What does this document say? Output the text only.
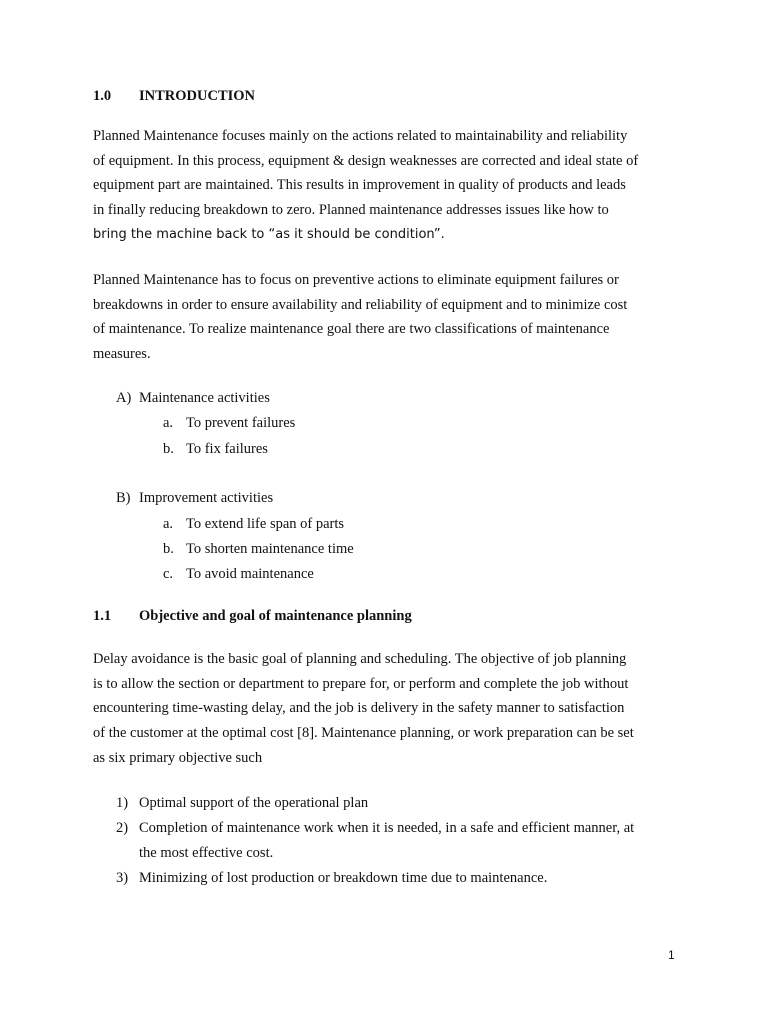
1.0 INTRODUCTION
Planned Maintenance focuses mainly on the actions related to maintainability and reliability
of equipment. In this process, equipment & design weaknesses are corrected and ideal state of
equipment part are maintained. This results in improvement in quality of products and leads
in finally reducing breakdown to zero. Planned maintenance addresses issues like how to
bring the machine back to “as it should be condition”.
Planned Maintenance has to focus on preventive actions to eliminate equipment failures or
breakdowns in order to ensure availability and reliability of equipment and to minimize cost
of maintenance. To realize maintenance goal there are two classifications of maintenance
measures.
A) Maintenance activities
a. To prevent failures
b. To fix failures
B) Improvement activities
a. To extend life span of parts
b. To shorten maintenance time
c. To avoid maintenance
1.1 Objective and goal of maintenance planning
Delay avoidance is the basic goal of planning and scheduling. The objective of job planning
is to allow the section or department to prepare for, or perform and complete the job without
encountering time-wasting delay, and the job is delivery in the safety manner to satisfaction
of the customer at the optimal cost [8]. Maintenance planning, or work preparation can be set
as six primary objective such
1) Optimal support of the operational plan
2) Completion of maintenance work when it is needed, in a safe and efficient manner, at
the most effective cost.
3) Minimizing of lost production or breakdown time due to maintenance.
1
